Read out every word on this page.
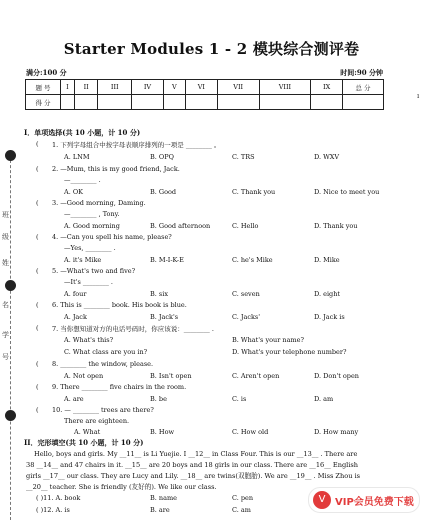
班
级
姓
名
学
号
ı
Starter Modules 1 - 2 模块综合测评卷
满分:100 分	时间:90 分钟
题 号	I	II	III	IV	V	VI	VII	VIII	IX	总 分
得 分										
I．单项选择(共 10 小题，计 10 分)
( 1. 下列字母组合中按字母表顺序排列的一项是 ________ 。
A. LNM	B. OPQ	C. TRS	D. WXV
( 2. —Mum, this is my good friend, Jack.
—________ .
A. OK	B. Good	C. Thank you	D. Nice to meet you
( 3. —Good morning, Daming.
—________ , Tony.
A. Good morning	B. Good afternoon	C. Hello	D. Thank you
( 4. —Can you spell his name, please?
—Yes, ________ .
A. it's Mike	B. M-I-K-E	C. he's Mike	D. Mike
( 5. —What's two and five?
—It's ________ .
A. four	B. six	C. seven	D. eight
( 6. This is ________ book. His book is blue.
A. Jack	B. Jack's	C. Jacks'	D. Jack is
( 7. 当你想知道对方的电话号码时，你应该说：________ .
A. What's this?	B. What's your name?
C. What class are you in?	D. What's your telephone number?
( 8. ________ the window, please.
A. Not open	B. Isn't open	C. Aren't open	D. Don't open
( 9. There ________ five chairs in the room.
A. are	B. be	C. is	D. am
( 10. — ________ trees are there?
There are eighteen.
A. What	B. How	C. How old	D. How many
II．完形填空(共 10 小题，计 10 分)
Hello, boys and girls. My __11__ is Li Yuejie. I __12__ in Class Four. This is our __13__ . There are
38 __14__ and 47 chairs in it. __15__ are 20 boys and 18 girls in our class. There are __16__ English
girls __17__ our class. They are Lucy and Lily. __18__ are twins(双胞胎). We are __19__ . Miss Zhou is
__20__ teacher. She is friendly (友好的). We like our class.
( )11. A. book	B. name	C. pen
( )12. A. is	B. are	C. am
V VIP会员免费下载
